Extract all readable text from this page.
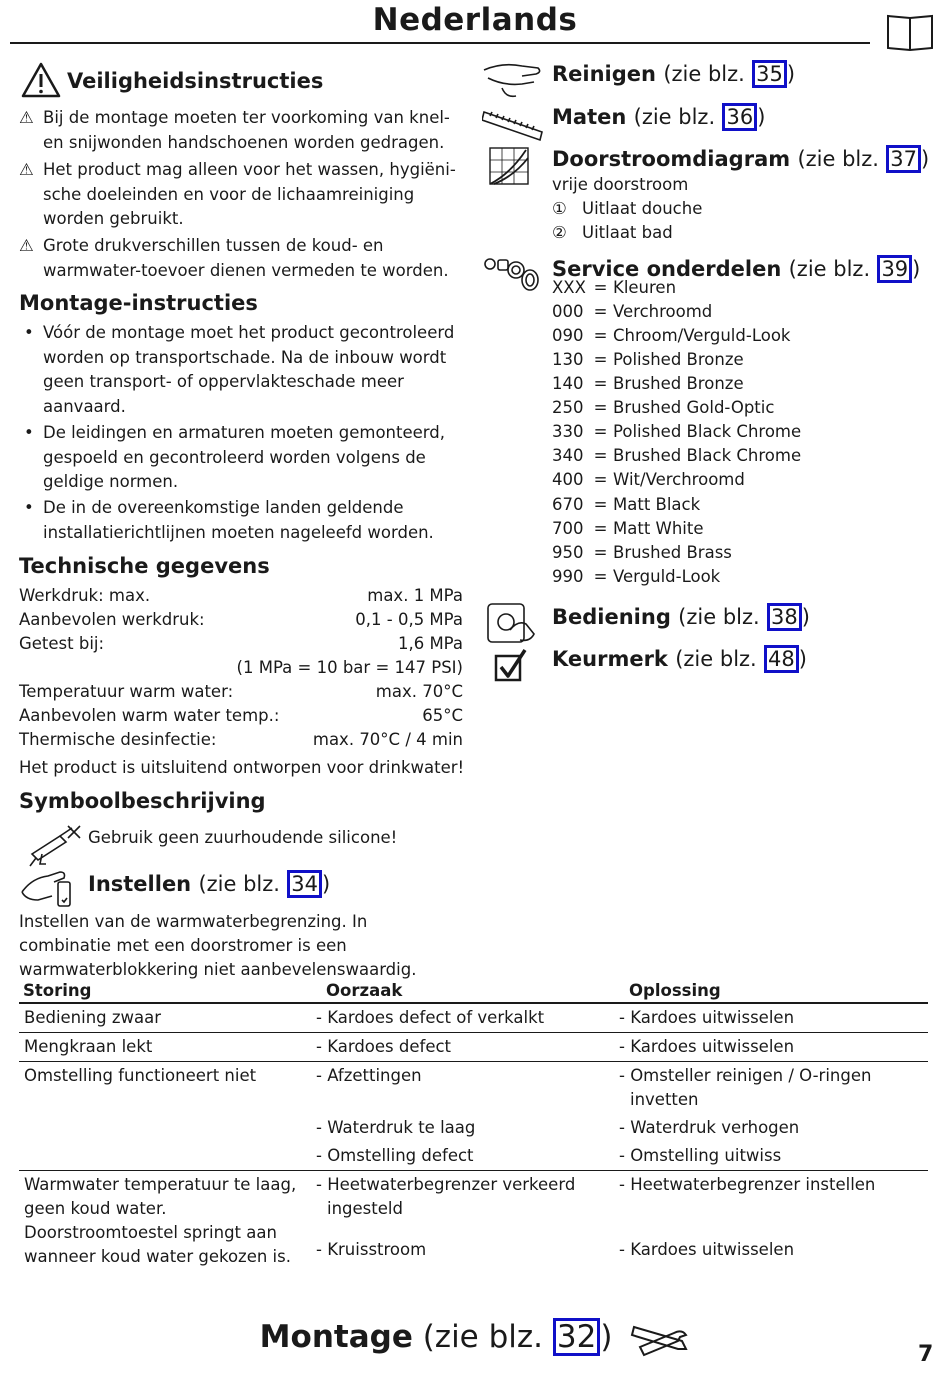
Nederlands
Veiligheidsinstructies
⚠ Bij de montage moeten ter voorkoming van knel- en snijwonden handschoenen worden gedragen.
⚠ Het product mag alleen voor het wassen, hygiëni-sche doeleinden en voor de lichaamreiniging worden gebruikt.
⚠ Grote drukverschillen tussen de koud- en warmwater-toevoer dienen vermeden te worden.
Montage-instructies
• Vóór de montage moet het product gecontroleerd worden op transportschade. Na de inbouw wordt geen transport- of oppervlakteschade meer aanvaard.
• De leidingen en armaturen moeten gemonteerd, gespoeld en gecontroleerd worden volgens de geldige normen.
• De in de overeenkomstige landen geldende installatierichtlijnen moeten nageleefd worden.
Technische gegevens
Werkdruk: max.	max. 1 MPa
Aanbevolen werkdruk:	0,1 - 0,5 MPa
Getest bij:	1,6 MPa
(1 MPa = 10 bar = 147 PSI)
Temperatuur warm water:	max. 70°C
Aanbevolen warm water temp.:	65°C
Thermische desinfectie:	max. 70°C / 4 min
Het product is uitsluitend ontworpen voor drinkwater!
Symboolbeschrijving
Gebruik geen zuurhoudende silicone!
Instellen (zie blz. 34 )
Instellen van de warmwaterbegrenzing. In combinatie met een doorstromer is een warmwaterblokkering niet aanbevelenswaardig.
Reinigen (zie blz. 35 )
Maten (zie blz. 36 )
Doorstroomdiagram (zie blz. 37 )
vrije doorstroom
① Uitlaat douche
② Uitlaat bad
Service onderdelen (zie blz. 39 )
XXX = Kleuren
000 = Verchroomd
090 = Chroom/Verguld-Look
130 = Polished Bronze
140 = Brushed Bronze
250 = Brushed Gold-Optic
330 = Polished Black Chrome
340 = Brushed Black Chrome
400 = Wit/Verchroomd
670 = Matt Black
700 = Matt White
950 = Brushed Brass
990 = Verguld-Look
Bediening (zie blz. 38 )
Keurmerk (zie blz. 48 )
Storing	Oorzaak	Oplossing
Bediening zwaar	- Kardoes defect of verkalkt	- Kardoes uitwisselen
Mengkraan lekt	- Kardoes defect	- Kardoes uitwisselen
Omstelling functioneert niet	- Afzettingen	- Omsteller reinigen / O-ringen invetten
	- Waterdruk te laag	- Waterdruk verhogen
	- Omstelling defect	- Omstelling uitwiss
Warmwater temperatuur te laag, geen koud water. Doorstroomtoestel springt aan wanneer koud water gekozen is.	- Heetwaterbegrenzer verkeerd ingesteld	- Heetwaterbegrenzer instellen
	- Kruisstroom	- Kardoes uitwisselen
Montage (zie blz. 32 )	7
